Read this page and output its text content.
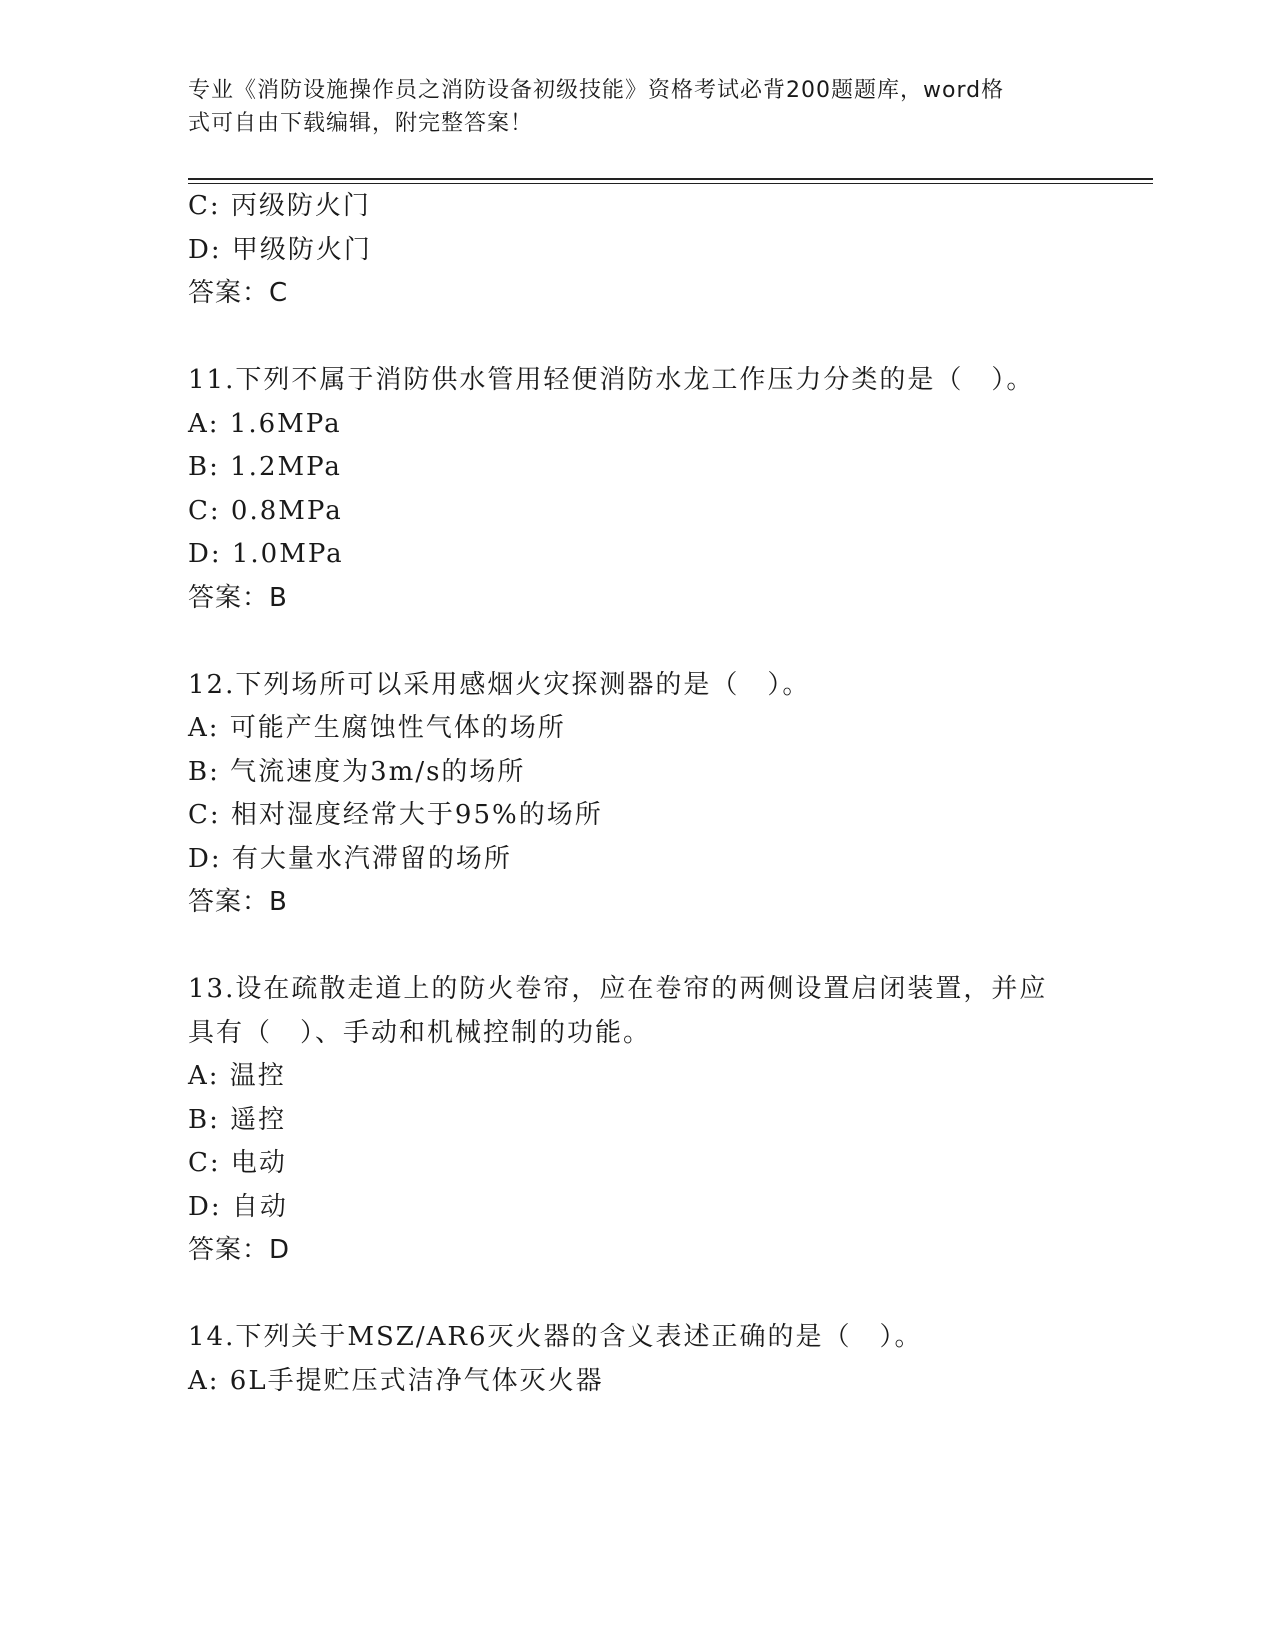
专业《消防设施操作员之消防设备初级技能》资格考试必背200题题库，word格
式可自由下载编辑，附完整答案！
C: 丙级防火门
D: 甲级防火门
答案：C
11.下列不属于消防供水管用轻便消防水龙工作压力分类的是（　）。
A: 1.6MPa
B: 1.2MPa
C: 0.8MPa
D: 1.0MPa
答案：B
12.下列场所可以采用感烟火灾探测器的是（　）。
A: 可能产生腐蚀性气体的场所
B: 气流速度为3m/s的场所
C: 相对湿度经常大于95%的场所
D: 有大量水汽滞留的场所
答案：B
13.设在疏散走道上的防火卷帘，应在卷帘的两侧设置启闭装置，并应
具有（　）、手动和机械控制的功能。
A: 温控
B: 遥控
C: 电动
D: 自动
答案：D
14.下列关于MSZ/AR6灭火器的含义表述正确的是（　）。
A: 6L手提贮压式洁净气体灭火器
